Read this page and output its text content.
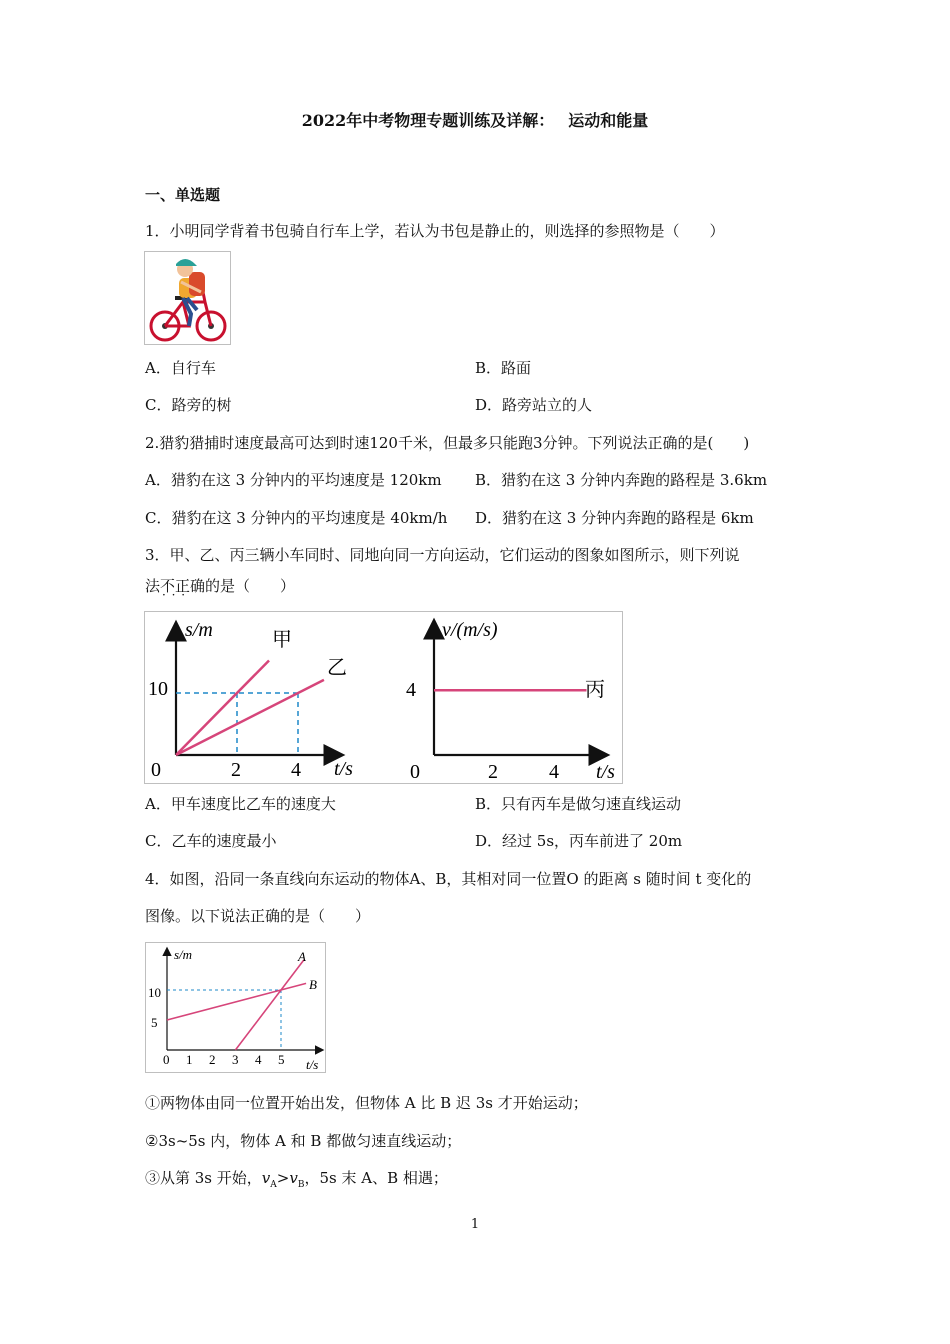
2022年中考物理专题训练及详解： 运动和能量
一、单选题
1．小明同学背着书包骑自行车上学，若认为书包是静止的，则选择的参照物是（　　）
A．自行车	B．路面
C．路旁的树	D．路旁站立的人
2.猎豹猎捕时速度最高可达到时速120千米，但最多只能跑3分钟。下列说法正确的是(　　)
A．猎豹在这 3 分钟内的平均速度是 120km B．猎豹在这 3 分钟内奔跑的路程是 3.6km
C．猎豹在这 3 分钟内的平均速度是 40km/h D．猎豹在这 3 分钟内奔跑的路程是 6km
3．甲、乙、丙三辆小车同时、同地向同一方向运动，它们运动的图象如图所示，则下列说
法不正确 · · ·的是（　　）
s/m
t/s
0	2	4
10
甲
乙
v/(m/s)
t/s
0	2	4
4	丙
A．甲车速度比乙车的速度大	B．只有丙车是做匀速直线运动
C．乙车的速度最小	D．经过 5s，丙车前进了 20m
4．如图，沿同一条直线向东运动的物体A、B，其相对同一位置O 的距离 s 随时间 t 变化的
图像。以下说法正确的是（　　）
s/m
t/s
0 1 2 3 4 5
5
10
A
B
①两物体由同一位置开始出发，但物体 A 比 B 迟 3s 才开始运动；
②3s~5s 内，物体 A 和 B 都做匀速直线运动；
③从第 3s 开始，$v_A>v_B$，5s 末 A、B 相遇；
1
